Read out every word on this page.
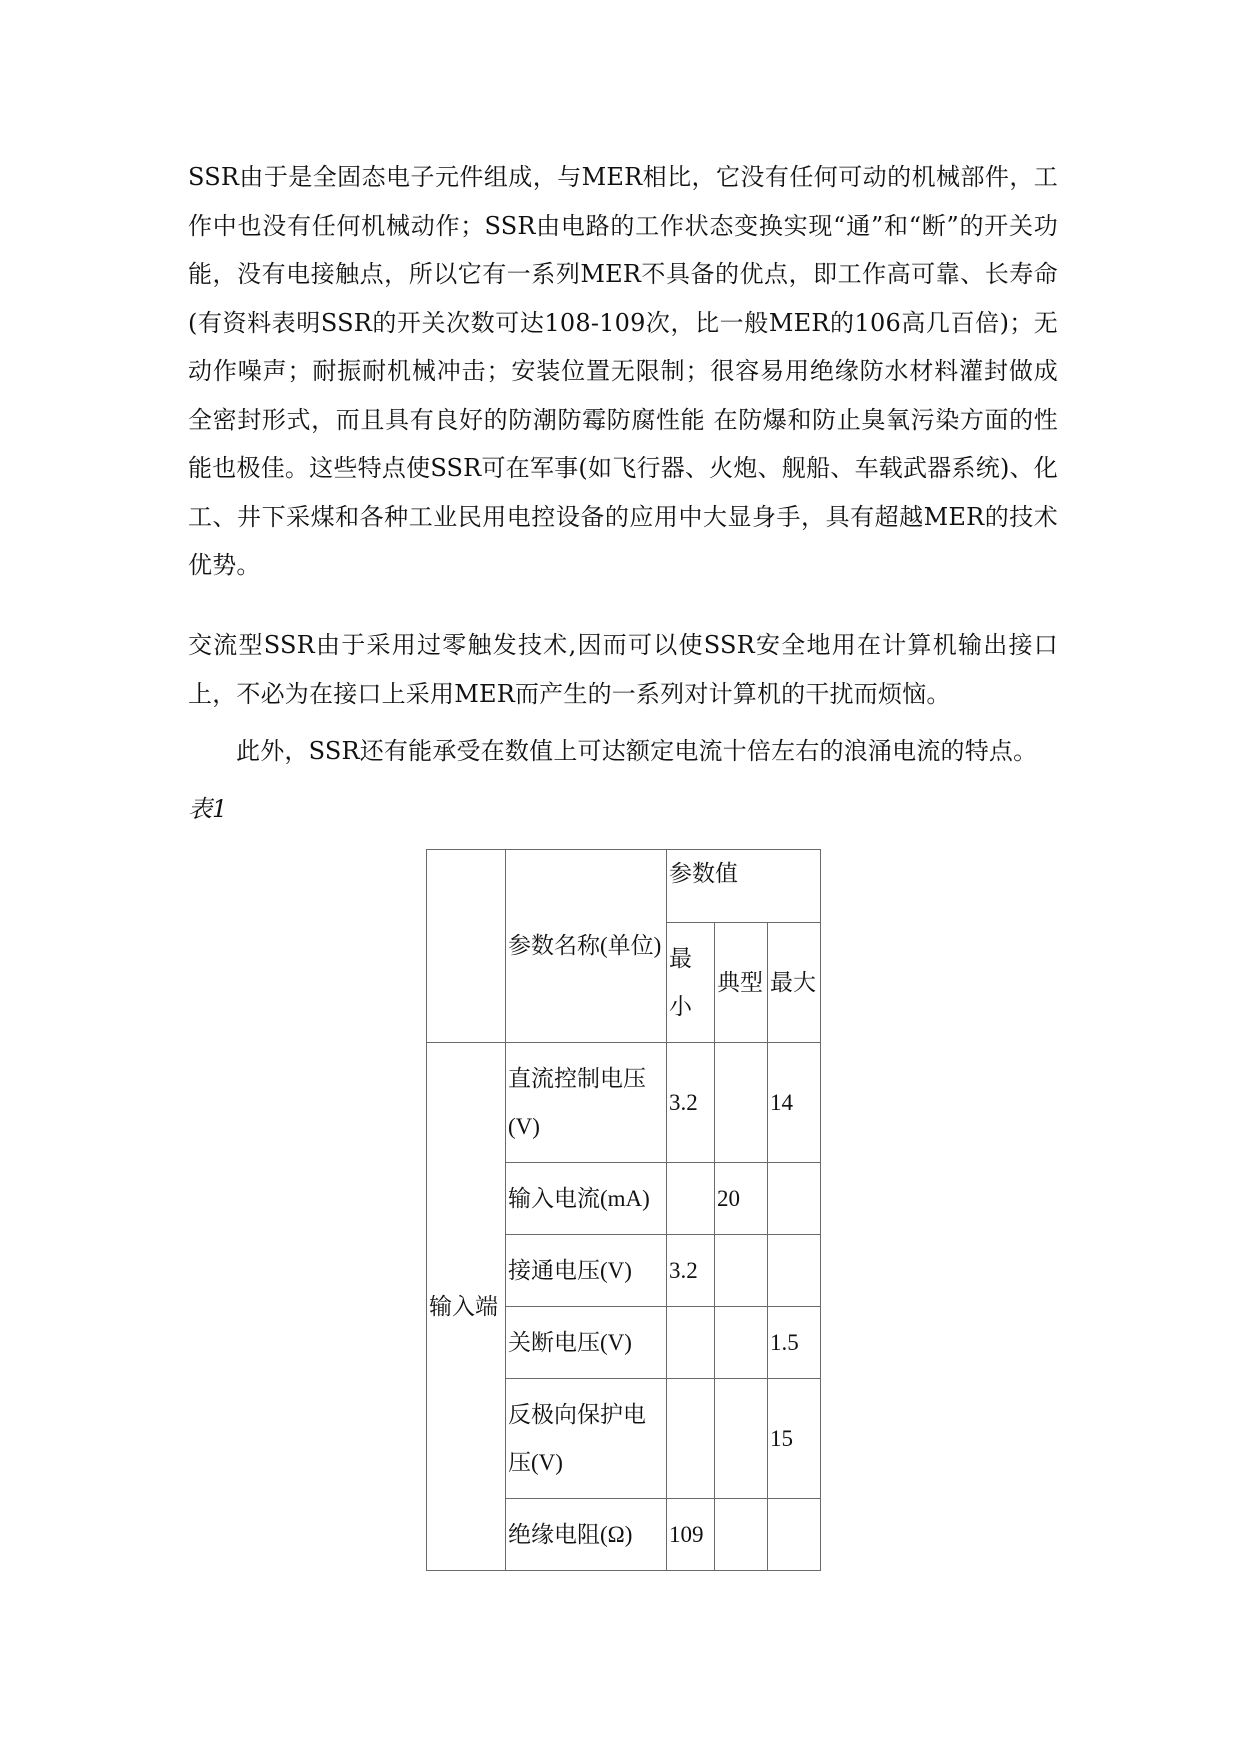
SSR由于是全固态电子元件组成，与MER相比，它没有任何可动的机械部件，工作中也没有任何机械动作；SSR由电路的工作状态变换实现“通”和“断”的开关功能，没有电接触点，所以它有一系列MER不具备的优点，即工作高可靠、长寿命(有资料表明SSR的开关次数可达108-109次，比一般MER的106高几百倍)；无动作噪声；耐振耐机械冲击；安装位置无限制；很容易用绝缘防水材料灌封做成全密封形式，而且具有良好的防潮防霉防腐性能 在防爆和防止臭氧污染方面的性能也极佳。这些特点使SSR可在军事(如飞行器、火炮、舰船、车载武器系统)、化工、井下采煤和各种工业民用电控设备的应用中大显身手，具有超越MER的技术优势。

交流型SSR由于采用过零触发技术,因而可以使SSR安全地用在计算机输出接口上，不必为在接口上采用MER而产生的一系列对计算机的干扰而烦恼。

此外，SSR还有能承受在数值上可达额定电流十倍左右的浪涌电流的特点。

表1

	参数名称(单位)	参数值		
		最小	典型	最大
输入端	直流控制电压(V)	3.2		14
	输入电流(mA)		20	
	接通电压(V)	3.2		
	关断电压(V)			1.5
	反极向保护电压(V)			15
	绝缘电阻(Ω)	109		
